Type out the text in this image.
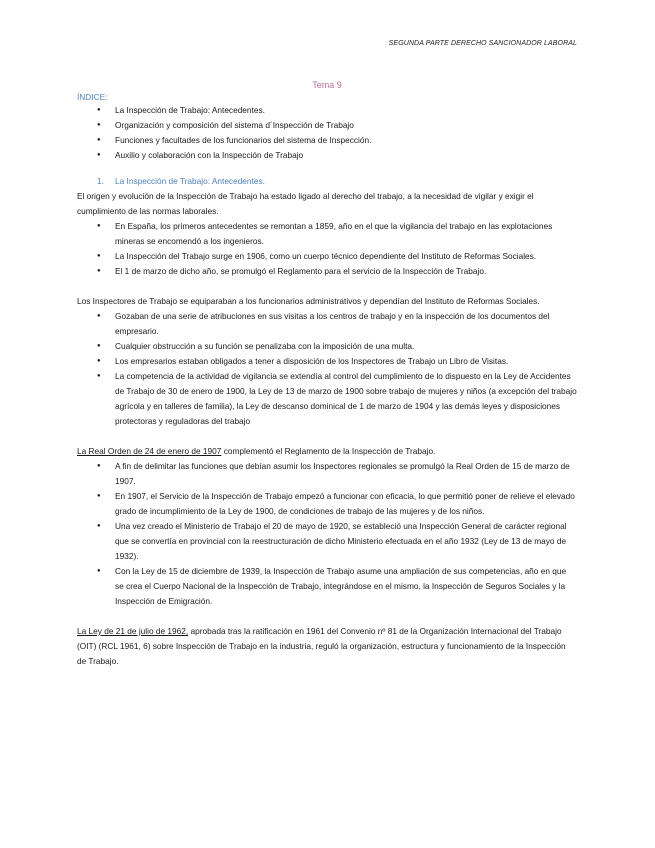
SEGUNDA PARTE DERECHO SANCIONADOR LABORAL
Tema 9
ÍNDICE:
● La Inspección de Trabajo: Antecedentes.
● Organización y composición del sistema d´Inspección de Trabajo
● Funciones y facultades de los funcionarios del sistema de Inspección.
● Auxilio y colaboración con la Inspección de Trabajo
1. La Inspección de Trabajo: Antecedentes.

El origen y evolución de la Inspección de Trabajo ha estado ligado al derecho del trabajo, a la necesidad de vigilar y exigir el cumplimiento de las normas laborales.

● En España, los primeros antecedentes se remontan a 1859, año en el que la vigilancia del trabajo en las explotaciones mineras se encomendó a los ingenieros.
● La Inspección del Trabajo surge en 1906, como un cuerpo técnico dependiente del Instituto de Reformas Sociales.
● El 1 de marzo de dicho año, se promulgó el Reglamento para el servicio de la Inspección de Trabajo.

Los Inspectores de Trabajo se equiparaban a los funcionarios administrativos y dependían del Instituto de Reformas Sociales.

● Gozaban de una serie de atribuciones en sus visitas a los centros de trabajo y en la inspección de los documentos del empresario.
● Cualquier obstrucción a su función se penalizaba con la imposición de una multa.
● Los empresarios estaban obligados a tener a disposición de los Inspectores de Trabajo un Libro de Visitas.
● La competencia de la actividad de vigilancia se extendía al control del cumplimiento de lo dispuesto en la Ley de Accidentes de Trabajo de 30 de enero de 1900, la Ley de 13 de marzo de 1900 sobre trabajo de mujeres y niños (a excepción del trabajo agrícola y en talleres de familia), la Ley de descanso dominical de 1 de marzo de 1904 y las demás leyes y disposiciones protectoras y reguladoras del trabajo

La Real Orden de 24 de enero de 1907 complementó el Reglamento de la Inspección de Trabajo.

● A fin de delimitar las funciones que debían asumir los Inspectores regionales se promulgó la Real Orden de 15 de marzo de 1907.
● En 1907, el Servicio de la Inspección de Trabajo empezó a funcionar con eficacia, lo que permitió poner de relieve el elevado grado de incumplimiento de la Ley de 1900, de condiciones de trabajo de las mujeres y de los niños.
● Una vez creado el Ministerio de Trabajo el 20 de mayo de 1920, se estableció una Inspección General de carácter regional que se convertía en provincial con la reestructuración de dicho Ministerio efectuada en el año 1932 (Ley de 13 de mayo de 1932).
● Con la Ley de 15 de diciembre de 1939, la Inspección de Trabajo asume una ampliación de sus competencias, año en que se crea el Cuerpo Nacional de la Inspección de Trabajo, integrándose en el mismo, la Inspección de Seguros Sociales y la Inspección de Emigración.

La Ley de 21 de julio de 1962, aprobada tras la ratificación en 1961 del Convenio nº 81 de la Organización Internacional del Trabajo (OIT) (RCL 1961, 6) sobre Inspección de Trabajo en la industria, reguló la organización, estructura y funcionamiento de la Inspección de Trabajo.
